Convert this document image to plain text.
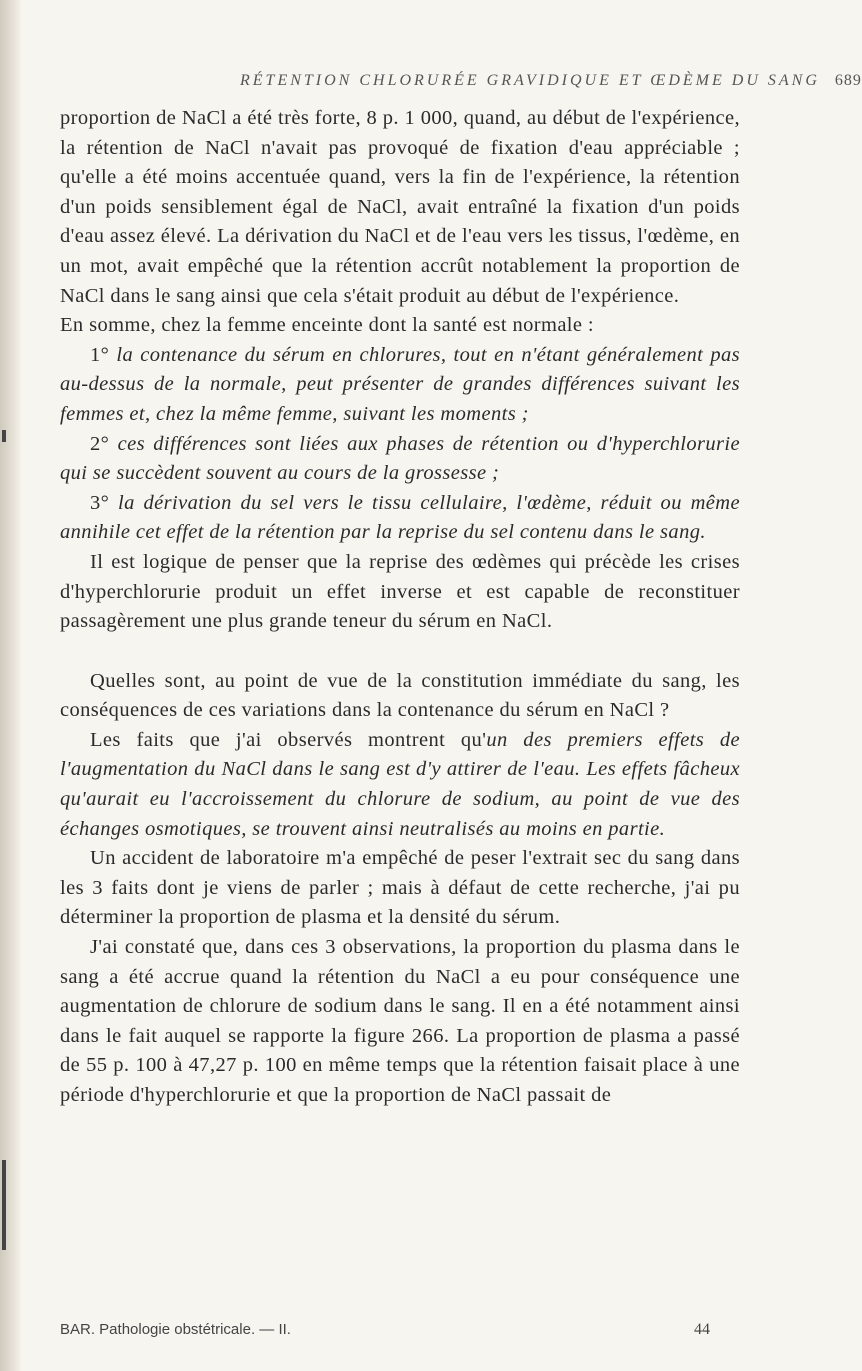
RÉTENTION CHLORURÉE GRAVIDIQUE ET ŒDÈME DU SANG 689

proportion de NaCl a été très forte, 8 p. 1 000, quand, au début de l'expérience, la rétention de NaCl n'avait pas provoqué de fixation d'eau appréciable ; qu'elle a été moins accentuée quand, vers la fin de l'expérience, la rétention d'un poids sensiblement égal de NaCl, avait entraîné la fixation d'un poids d'eau assez élevé. La dérivation du NaCl et de l'eau vers les tissus, l'œdème, en un mot, avait empêché que la rétention accrût notablement la proportion de NaCl dans le sang ainsi que cela s'était produit au début de l'expérience.

En somme, chez la femme enceinte dont la santé est normale :

1° la contenance du sérum en chlorures, tout en n'étant généralement pas au-dessus de la normale, peut présenter de grandes différences suivant les femmes et, chez la même femme, suivant les moments ;

2° ces différences sont liées aux phases de rétention ou d'hyperchlorurie qui se succèdent souvent au cours de la grossesse ;

3° la dérivation du sel vers le tissu cellulaire, l'œdème, réduit ou même annihile cet effet de la rétention par la reprise du sel contenu dans le sang.

Il est logique de penser que la reprise des œdèmes qui précède les crises d'hyperchlorurie produit un effet inverse et est capable de reconstituer passagèrement une plus grande teneur du sérum en NaCl.

Quelles sont, au point de vue de la constitution immédiate du sang, les conséquences de ces variations dans la contenance du sérum en NaCl ?

Les faits que j'ai observés montrent qu'un des premiers effets de l'augmentation du NaCl dans le sang est d'y attirer de l'eau. Les effets fâcheux qu'aurait eu l'accroissement du chlorure de sodium, au point de vue des échanges osmotiques, se trouvent ainsi neutralisés au moins en partie.

Un accident de laboratoire m'a empêché de peser l'extrait sec du sang dans les 3 faits dont je viens de parler ; mais à défaut de cette recherche, j'ai pu déterminer la proportion de plasma et la densité du sérum.

J'ai constaté que, dans ces 3 observations, la proportion du plasma dans le sang a été accrue quand la rétention du NaCl a eu pour conséquence une augmentation de chlorure de sodium dans le sang. Il en a été notamment ainsi dans le fait auquel se rapporte la figure 266. La proportion de plasma a passé de 55 p. 100 à 47,27 p. 100 en même temps que la rétention faisait place à une période d'hyperchlorurie et que la proportion de NaCl passait de

BAR. Pathologie obstétricale. — II.	44
